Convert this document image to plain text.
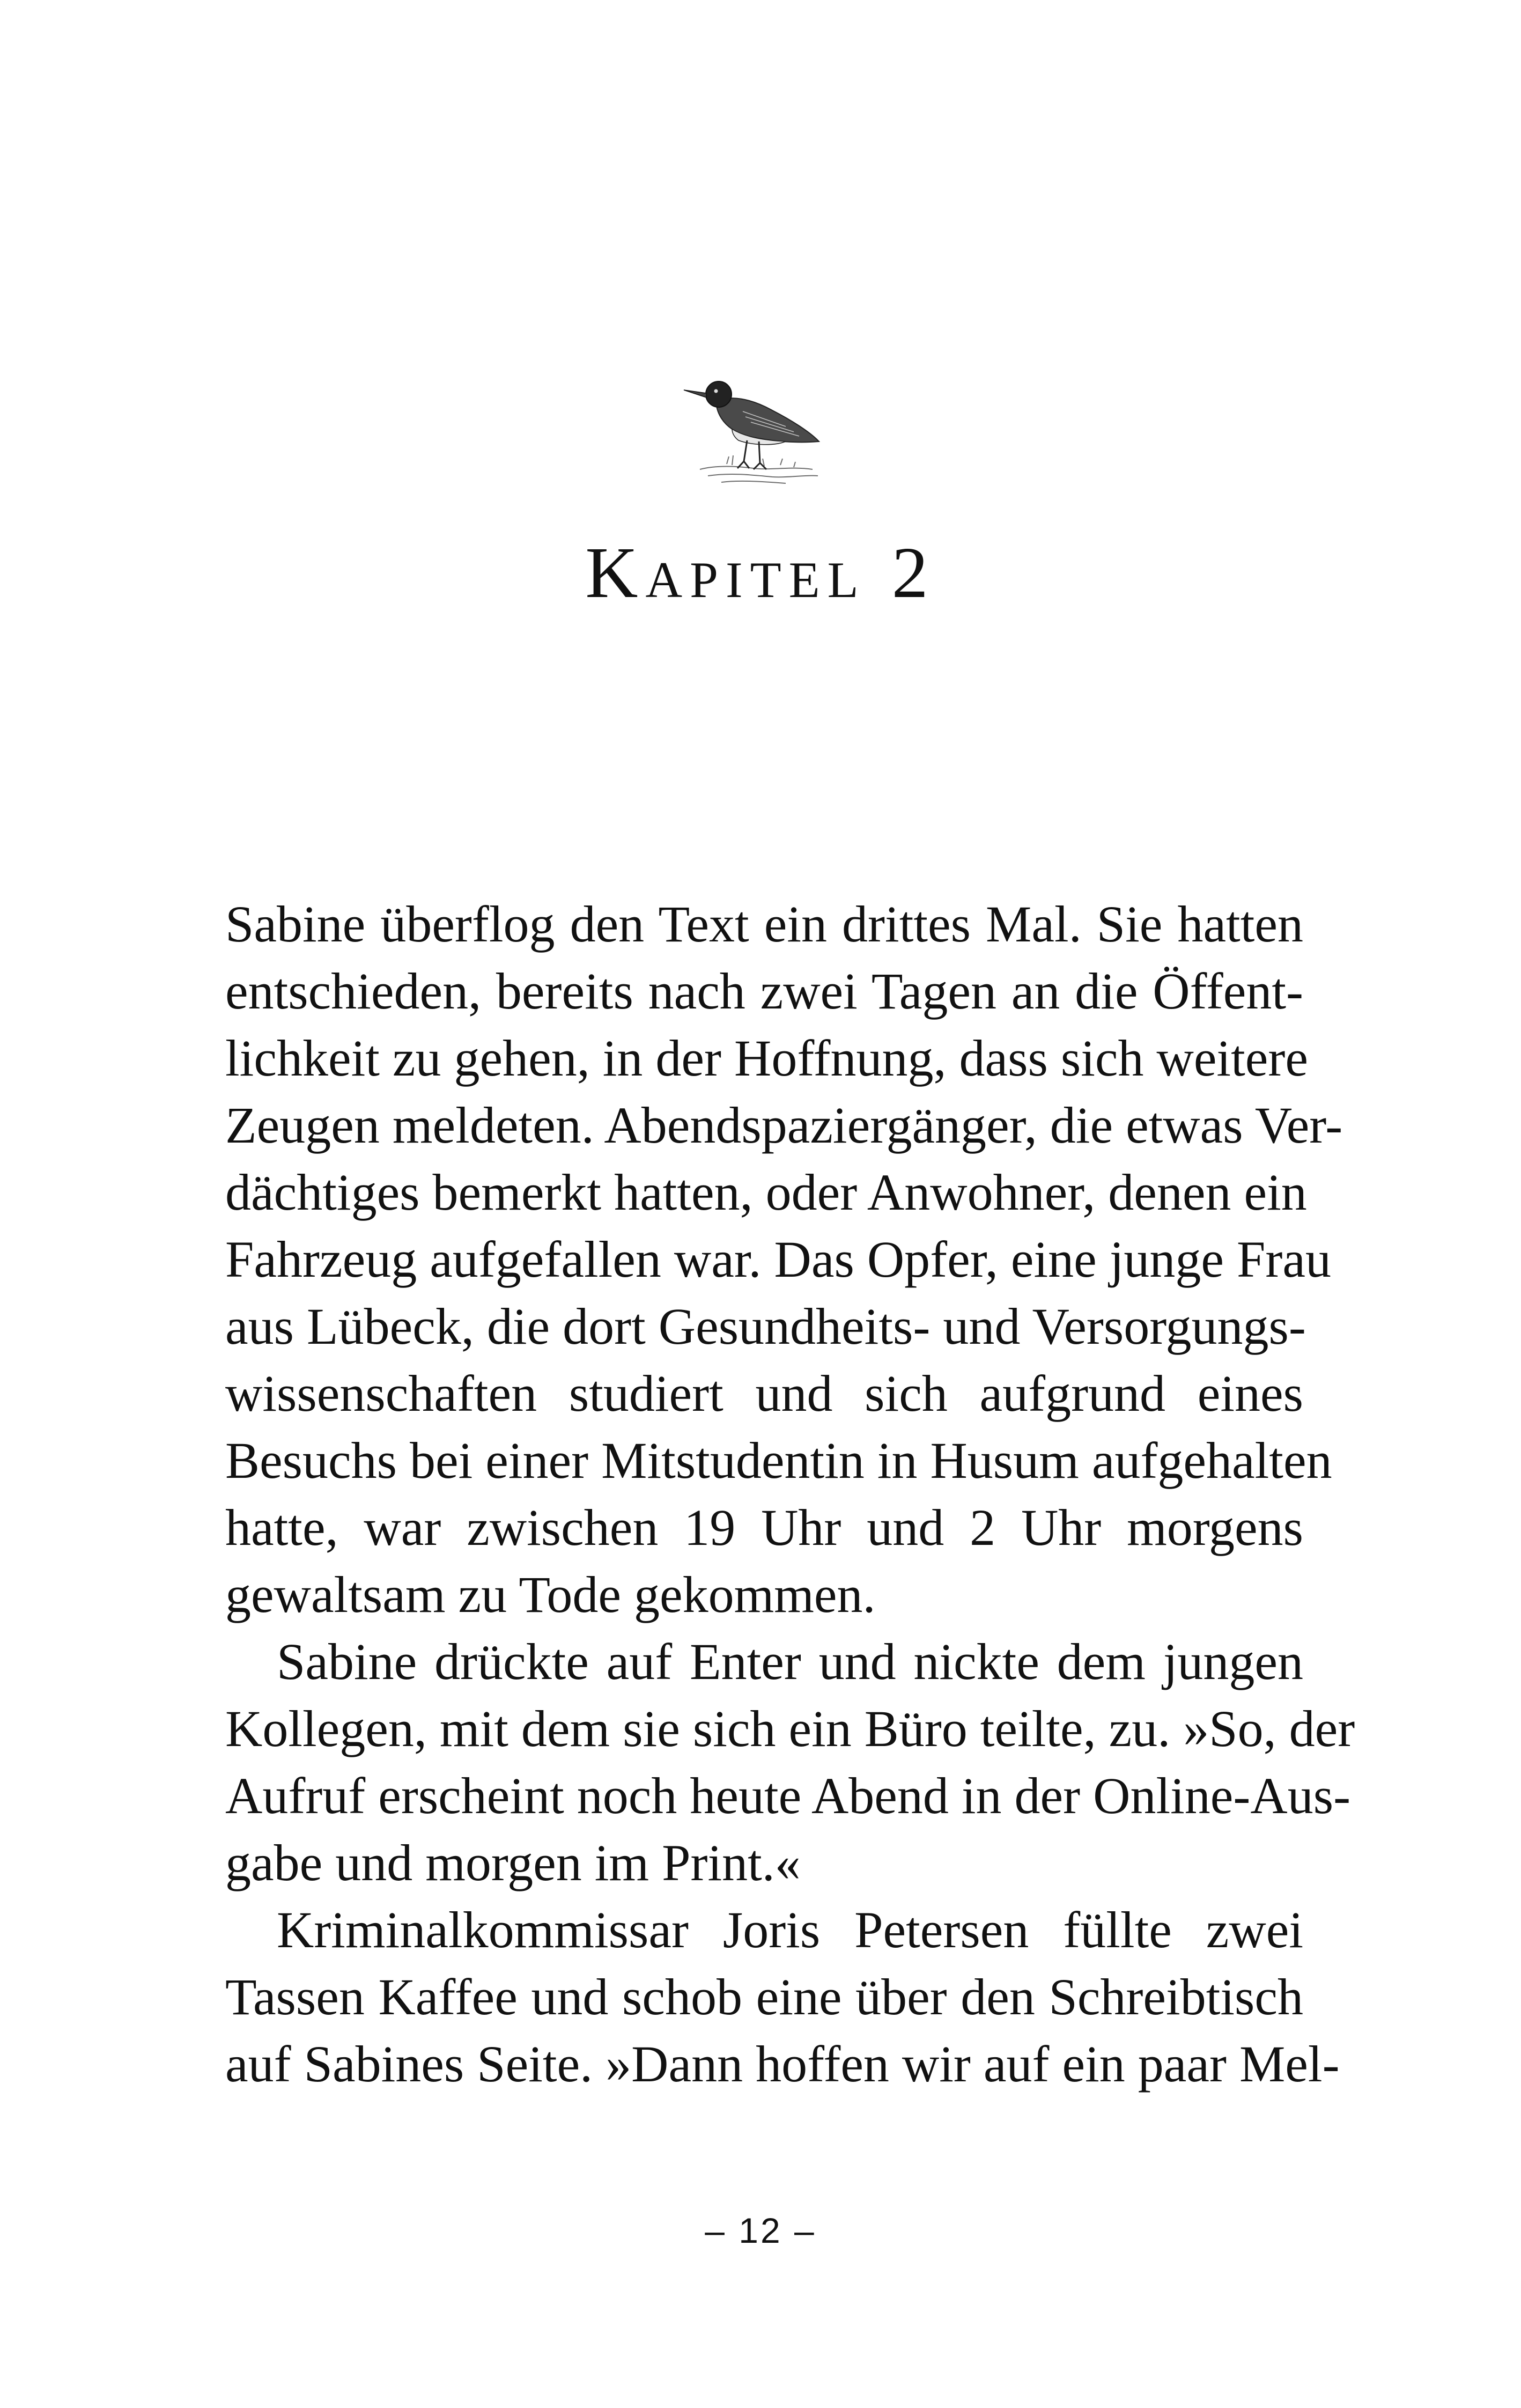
Kapitel 2

Sabine überflog den Text ein drittes Mal. Sie hatten
entschieden, bereits nach zwei Tagen an die Öffent-
lichkeit zu gehen, in der Hoffnung, dass sich weitere
Zeugen meldeten. Abendspaziergänger, die etwas Ver-
dächtiges bemerkt hatten, oder Anwohner, denen ein
Fahrzeug aufgefallen war. Das Opfer, eine junge Frau
aus Lübeck, die dort Gesundheits- und Versorgungs-
wissenschaften studiert und sich aufgrund eines
Besuchs bei einer Mitstudentin in Husum aufgehalten
hatte, war zwischen 19 Uhr und 2 Uhr morgens
gewaltsam zu Tode gekommen.

Sabine drückte auf Enter und nickte dem jungen

Kollegen, mit dem sie sich ein Büro teilte, zu. »So, der
Aufruf erscheint noch heute Abend in der Online-Aus-
gabe und morgen im Print.«

Kriminalkommissar Joris Petersen füllte zwei

Tassen Kaffee und schob eine über den Schreibtisch
auf Sabines Seite. »Dann hoffen wir auf ein paar Mel-

– 12 –
